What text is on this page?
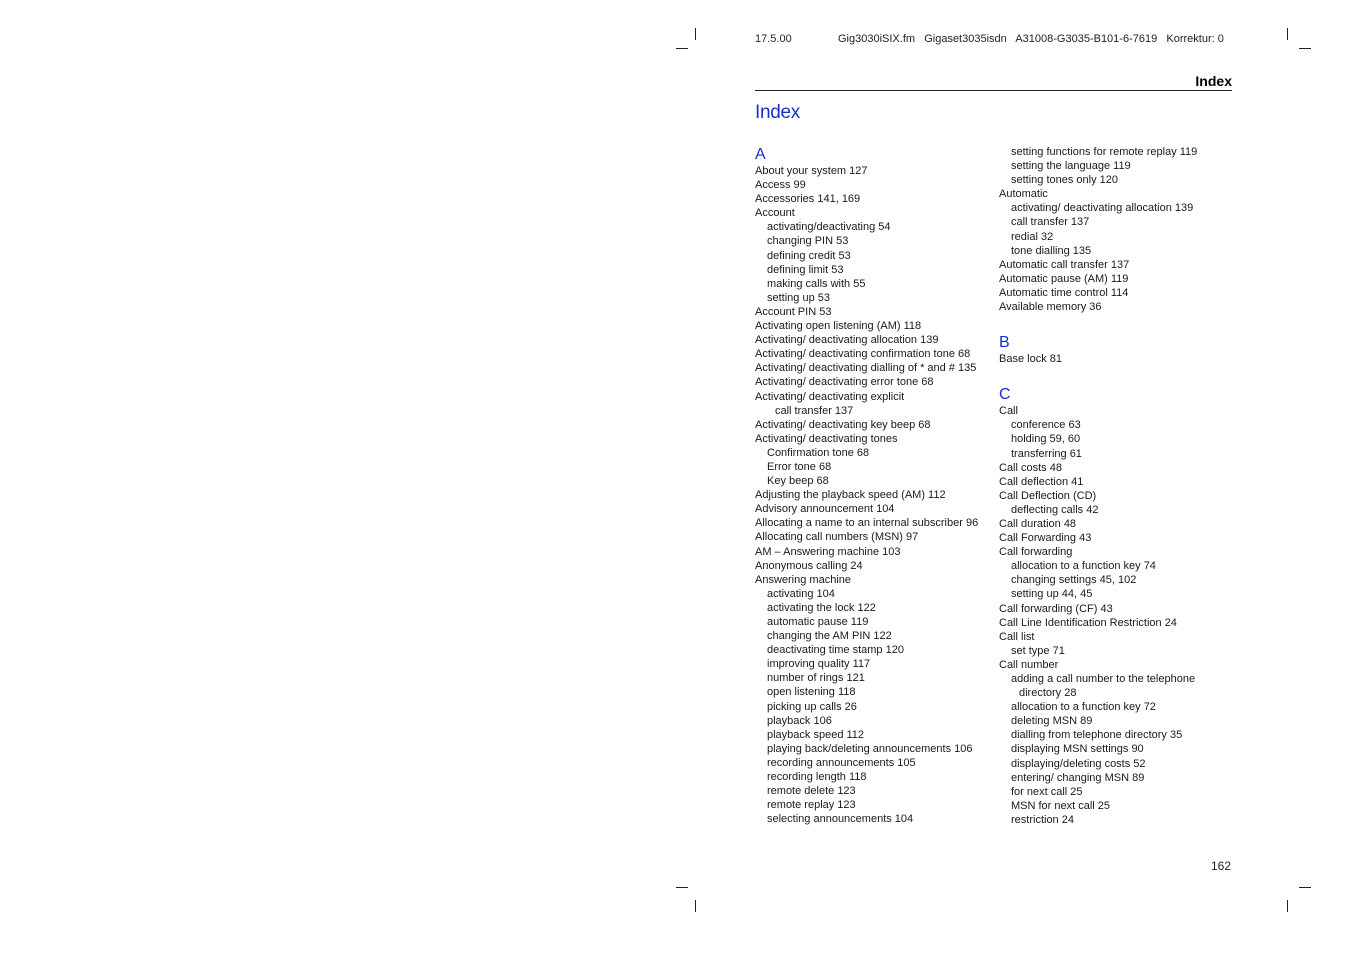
17.5.00	Gig3030iSIX.fm   Gigaset3035isdn   A31008-G3035-B101-6-7619   Korrektur: 0
Index
Index
A
About your system 127
Access 99
Accessories 141, 169
Account
activating/deactivating 54
changing PIN 53
defining credit 53
defining limit 53
making calls with 55
setting up 53
Account PIN 53
Activating open listening (AM) 118
Activating/ deactivating allocation 139
Activating/ deactivating confirmation tone 68
Activating/ deactivating dialling of * and # 135
Activating/ deactivating error tone 68
Activating/ deactivating explicit
call transfer 137
Activating/ deactivating key beep 68
Activating/ deactivating tones
Confirmation tone 68
Error tone 68
Key beep 68
Adjusting the playback speed (AM) 112
Advisory announcement 104
Allocating a name to an internal subscriber 96
Allocating call numbers (MSN) 97
AM – Answering machine 103
Anonymous calling 24
Answering machine
activating 104
activating the lock 122
automatic pause 119
changing the AM PIN 122
deactivating time stamp 120
improving quality 117
number of rings 121
open listening 118
picking up calls 26
playback 106
playback speed 112
playing back/deleting announcements 106
recording announcements 105
recording length 118
remote delete 123
remote replay 123
selecting announcements 104
setting functions for remote replay 119
setting the language 119
setting tones only 120
Automatic
activating/ deactivating allocation 139
call transfer 137
redial 32
tone dialling 135
Automatic call transfer 137
Automatic pause (AM) 119
Automatic time control 114
Available memory 36
B
Base lock 81
C
Call
conference 63
holding 59, 60
transferring 61
Call costs 48
Call deflection 41
Call Deflection (CD)
deflecting calls 42
Call duration 48
Call Forwarding 43
Call forwarding
allocation to a function key 74
changing settings 45, 102
setting up 44, 45
Call forwarding (CF) 43
Call Line Identification Restriction 24
Call list
set type 71
Call number
adding a call number to the telephone
directory 28
allocation to a function key 72
deleting MSN 89
dialling from telephone directory 35
displaying MSN settings 90
displaying/deleting costs 52
entering/ changing MSN 89
for next call 25
MSN for next call 25
restriction 24
162
